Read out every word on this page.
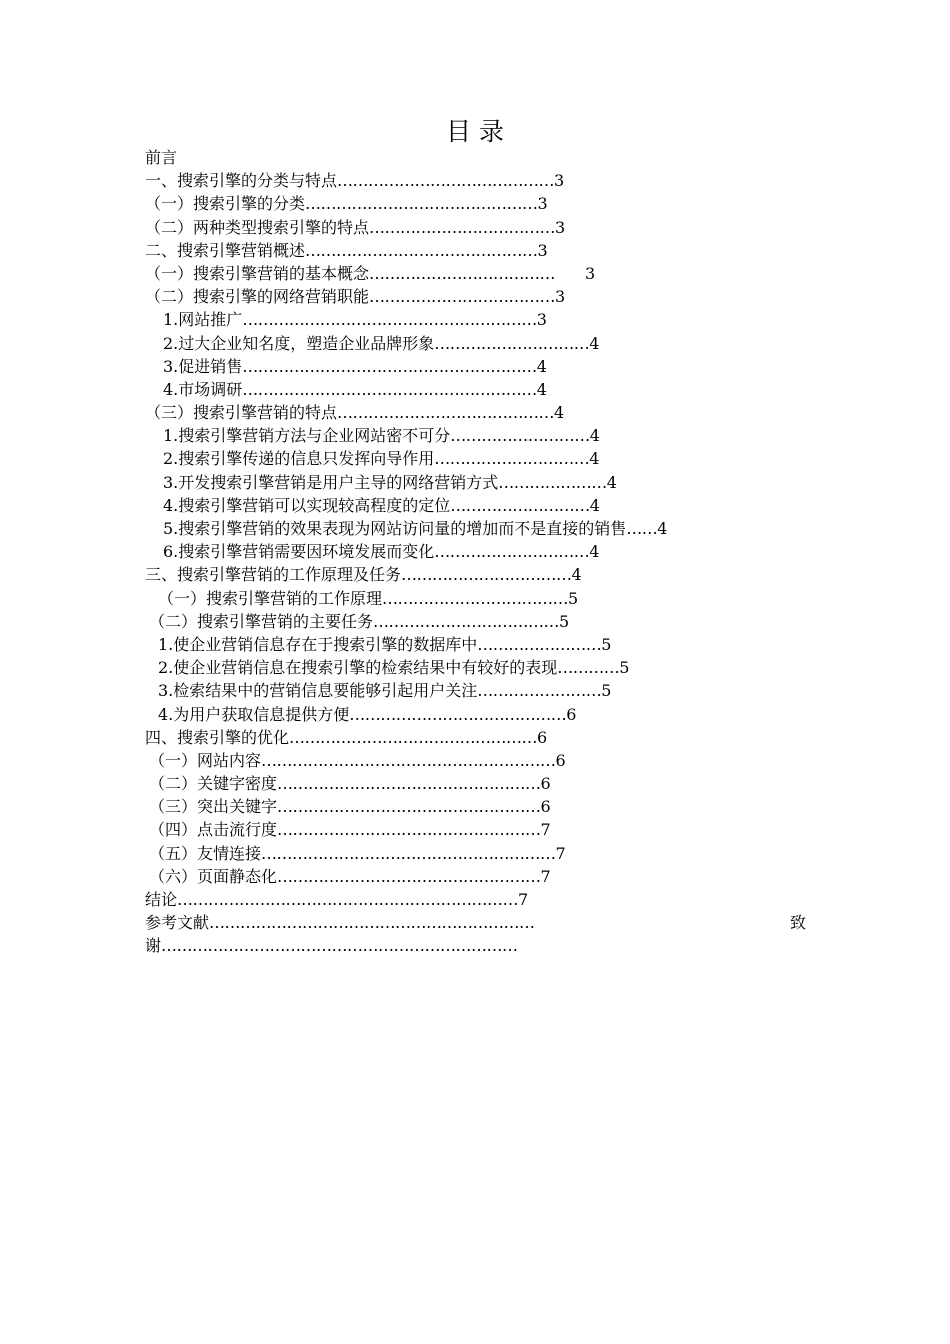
目 录
前言
一、搜索引擎的分类与特点……………………………………3
（一）搜索引擎的分类………………………………………3
（二）两种类型搜索引擎的特点………………………………3
二、搜索引擎营销概述………………………………………3
（一）搜索引擎营销的基本概念……………………………… 3
（二）搜索引擎的网络营销职能………………………………3
1.网站推广…………………………………………………3
2.过大企业知名度，塑造企业品牌形象…………………………4
3.促进销售…………………………………………………4
4.市场调研…………………………………………………4
（三）搜索引擎营销的特点……………………………………4
1.搜索引擎营销方法与企业网站密不可分………………………4
2.搜索引擎传递的信息只发挥向导作用…………………………4
3.开发搜索引擎营销是用户主导的网络营销方式…………………4
4.搜索引擎营销可以实现较高程度的定位………………………4
5.搜索引擎营销的效果表现为网站访问量的增加而不是直接的销售……4
6.搜索引擎营销需要因环境发展而变化…………………………4
三、搜索引擎营销的工作原理及任务……………………………4
（一）搜索引擎营销的工作原理………………………………5
（二）搜索引擎营销的主要任务………………………………5
1.使企业营销信息存在于搜索引擎的数据库中……………………5
2.使企业营销信息在搜索引擎的检索结果中有较好的表现…………5
3.检索结果中的营销信息要能够引起用户关注……………………5
4.为用户获取信息提供方便……………………………………6
四、搜索引擎的优化…………………………………………6
（一）网站内容…………………………………………………6
（二）关键字密度……………………………………………6
（三）突出关键字……………………………………………6
（四）点击流行度……………………………………………7
（五）友情连接…………………………………………………7
（六）页面静态化……………………………………………7
结论…………………………………………………………7
参考文献………………………………………………………	致
谢……………………………………………………………
